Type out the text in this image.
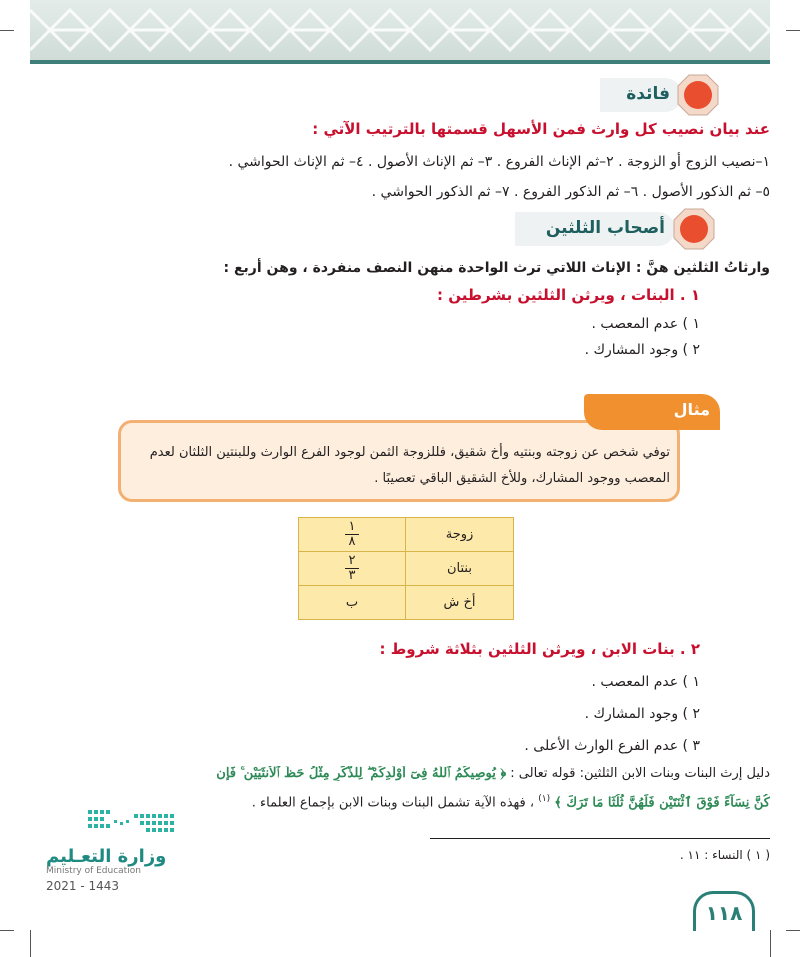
فائدة
عند بيان نصيب كل وارث فمن الأسهل قسمتها بالترتيب الآتي :
١–نصيب الزوج أو الزوجة . ٢–ثم الإناث الفروع . ٣– ثم الإناث الأصول . ٤– ثم الإناث الحواشي .
٥– ثم الذكور الأصول . ٦– ثم الذكور الفروع . ٧– ثم الذكور الحواشي .
أصحاب الثلثين
وارثاتُ الثلثين هنَّ : الإناث اللاتي ترث الواحدة منهن النصف منفردة ، وهن أربع :
١ . البنات ، ويرثن الثلثين بشرطين :
١ ) عدم المعصب .
٢ ) وجود المشارك .
مثال
توفي شخص عن زوجته وبنتيه وأخ شقيق، فللزوجة الثمن لوجود الفرع الوارث وللبنتين الثلثان لعدم المعصب ووجود المشارك، وللأخ الشقيق الباقي تعصيبًا .
زوجة	$\frac{١}{٨}$

بنتان	$\frac{٢}{٣}$

أخ ش	ب
٢ . بنات الابن ، ويرثن الثلثين بثلاثة شروط :
١ ) عدم المعصب .
٢ ) وجود المشارك .
٣ ) عدم الفرع الوارث الأعلى .
دليل إرث البنات وبنات الابن الثلثين: قوله تعالى : ﴿ يُوصِيكُمُ ٱللَّهُ فِىٓ أَوْلَٰدِكُمْ ۖ لِلذَّكَرِ مِثْلُ حَظِّ ٱلْأُنثَيَيْنِ ۚ فَإِن
كُنَّ نِسَآءً فَوْقَ ٱثْنَتَيْنِ فَلَهُنَّ ثُلُثَا مَا تَرَكَ ﴾ $^{(١)}$ ، فهذه الآية تشمل البنات وبنات الابن بإجماع العلماء .
( ١ ) النساء : ١١ .
وزارة التعـليم
Ministry of Education
2021 - 1443
١١٨
